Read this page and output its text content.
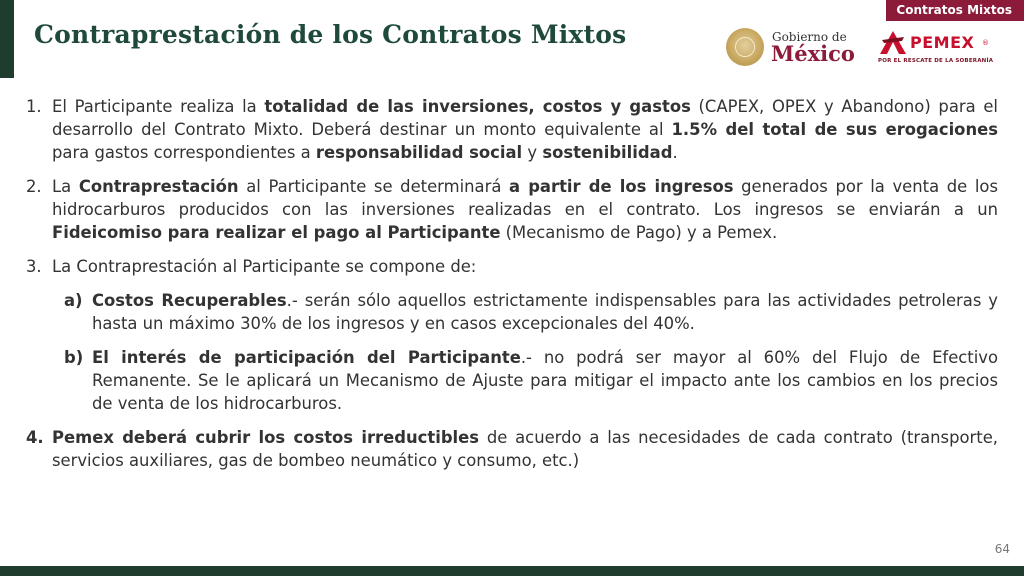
Contratos Mixtos
Contraprestación de los Contratos Mixtos	Gobierno de
México	PEMEX ®
POR EL RESCATE DE LA SOBERANÍA
1. El Participante realiza la totalidad de las inversiones, costos y gastos (CAPEX, OPEX y Abandono) para el desarrollo del Contrato Mixto. Deberá destinar un monto equivalente al 1.5% del total de sus erogaciones para gastos correspondientes a responsabilidad social y sostenibilidad.
2. La Contraprestación al Participante se determinará a partir de los ingresos generados por la venta de los hidrocarburos producidos con las inversiones realizadas en el contrato. Los ingresos se enviarán a un Fideicomiso para realizar el pago al Participante (Mecanismo de Pago) y a Pemex.
3. La Contraprestación al Participante se compone de:
a) Costos Recuperables.- serán sólo aquellos estrictamente indispensables para las actividades petroleras y hasta un máximo 30% de los ingresos y en casos excepcionales del 40%.
b) El interés de participación del Participante.- no podrá ser mayor al 60% del Flujo de Efectivo Remanente. Se le aplicará un Mecanismo de Ajuste para mitigar el impacto ante los cambios en los precios de venta de los hidrocarburos.
4. Pemex deberá cubrir los costos irreductibles de acuerdo a las necesidades de cada contrato (transporte, servicios auxiliares, gas de bombeo neumático y consumo, etc.)
64
